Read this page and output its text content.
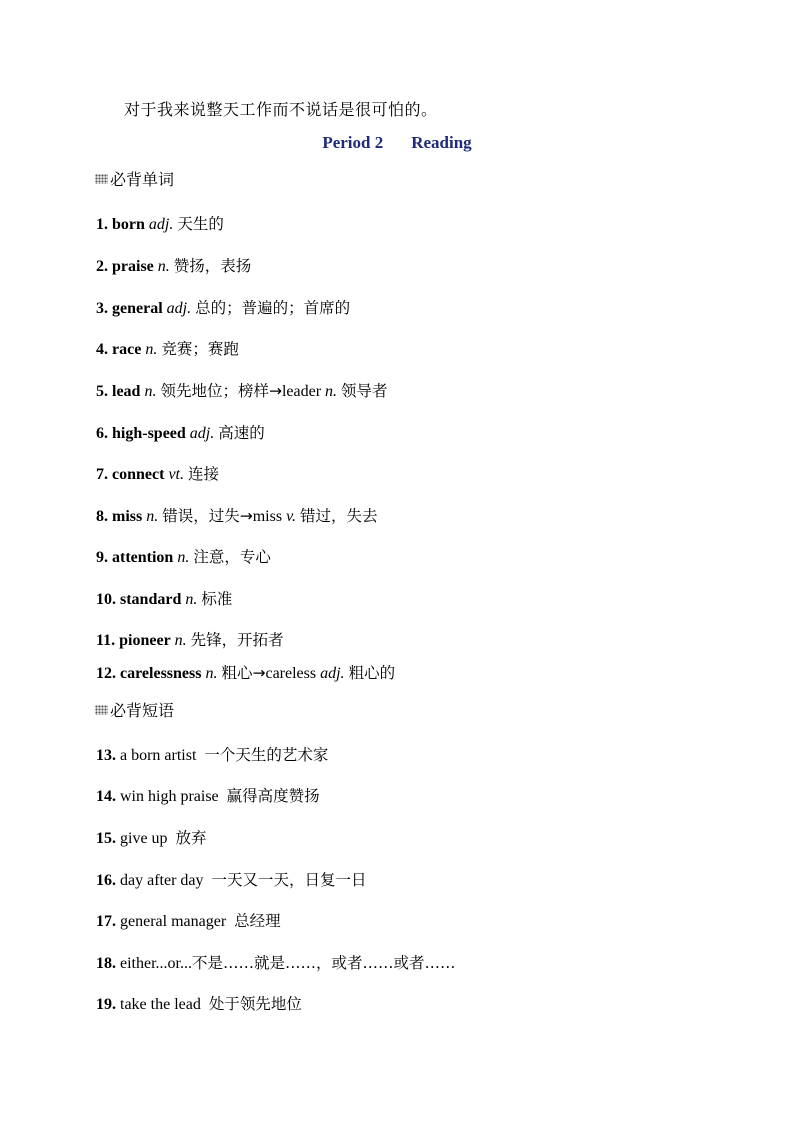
对于我来说整天工作而不说话是很可怕的。
Period 2 Reading
必背单词
1. born adj. 天生的
2. praise n. 赞扬，表扬
3. general adj. 总的；普遍的；首席的
4. race n. 竞赛；赛跑
5. lead n. 领先地位；榜样→leader n. 领导者
6. high-speed adj. 高速的
7. connect vt. 连接
8. miss n. 错误，过失→miss v. 错过，失去
9. attention n. 注意，专心
10. standard n. 标准
11. pioneer n. 先锋，开拓者
12. carelessness n. 粗心→careless adj. 粗心的
必背短语
13. a born artist 一个天生的艺术家
14. win high praise 赢得高度赞扬
15. give up 放弃
16. day after day 一天又一天，日复一日
17. general manager 总经理
18. either...or...不是……就是……，或者……或者……
19. take the lead 处于领先地位
